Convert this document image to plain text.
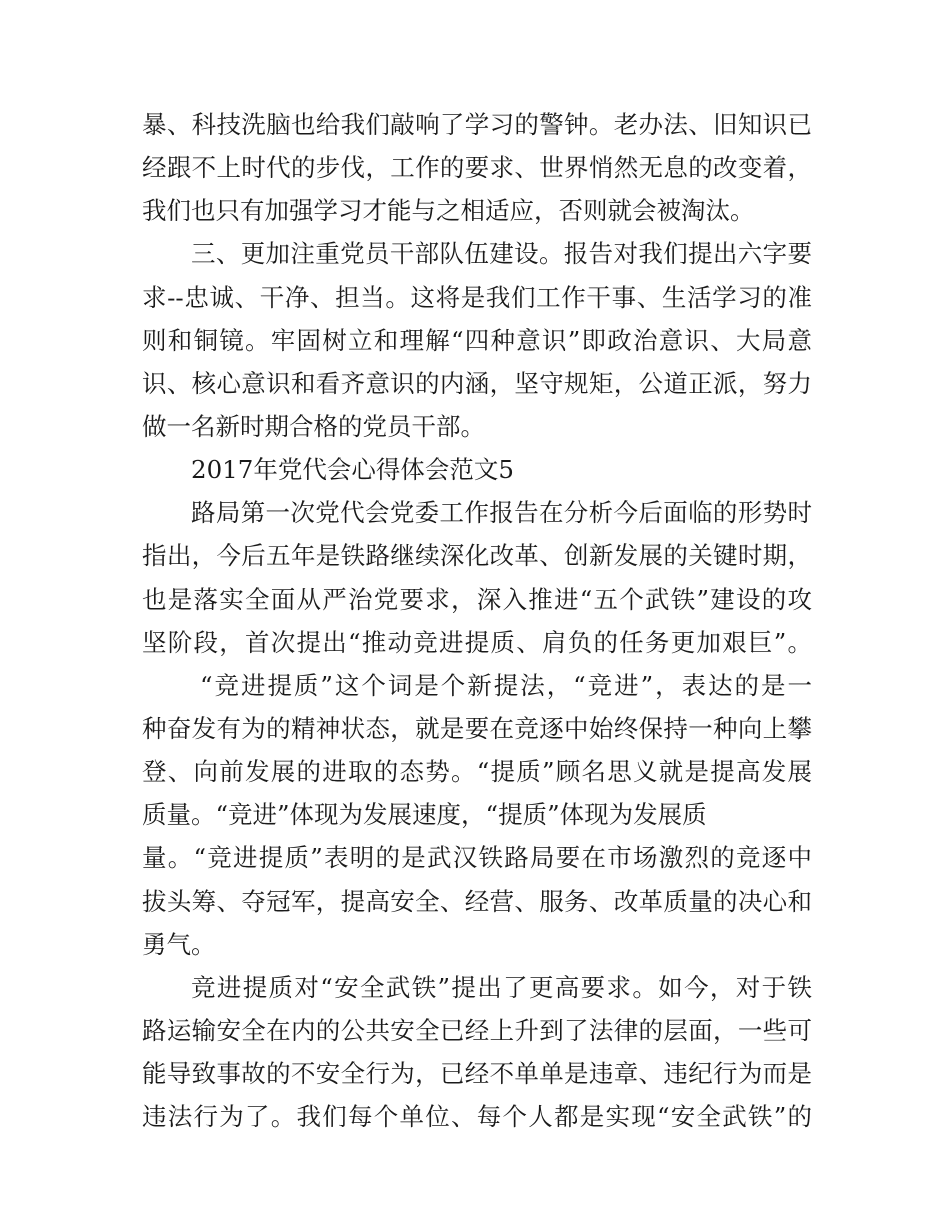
暴、科技洗脑也给我们敲响了学习的警钟。老办法、旧知识已
经跟不上时代的步伐，工作的要求、世界悄然无息的改变着，
我们也只有加强学习才能与之相适应，否则就会被淘汰。
三、更加注重党员干部队伍建设。报告对我们提出六字要
求--忠诚、干净、担当。这将是我们工作干事、生活学习的准
则和铜镜。牢固树立和理解“四种意识”即政治意识、大局意
识、核心意识和看齐意识的内涵，坚守规矩，公道正派，努力
做一名新时期合格的党员干部。
2017年党代会心得体会范文5
路局第一次党代会党委工作报告在分析今后面临的形势时
指出，今后五年是铁路继续深化改革、创新发展的关键时期，
也是落实全面从严治党要求，深入推进“五个武铁”建设的攻
坚阶段，首次提出“推动竞进提质、肩负的任务更加艰巨”。
“竞进提质”这个词是个新提法，“竞进”，表达的是一
种奋发有为的精神状态，就是要在竞逐中始终保持一种向上攀
登、向前发展的进取的态势。“提质”顾名思义就是提高发展
质量。“竞进”体现为发展速度，“提质”体现为发展质
量。“竞进提质”表明的是武汉铁路局要在市场激烈的竞逐中
拔头筹、夺冠军，提高安全、经营、服务、改革质量的决心和
勇气。
竞进提质对“安全武铁”提出了更高要求。如今，对于铁
路运输安全在内的公共安全已经上升到了法律的层面，一些可
能导致事故的不安全行为，已经不单单是违章、违纪行为而是
违法行为了。我们每个单位、每个人都是实现“安全武铁”的
